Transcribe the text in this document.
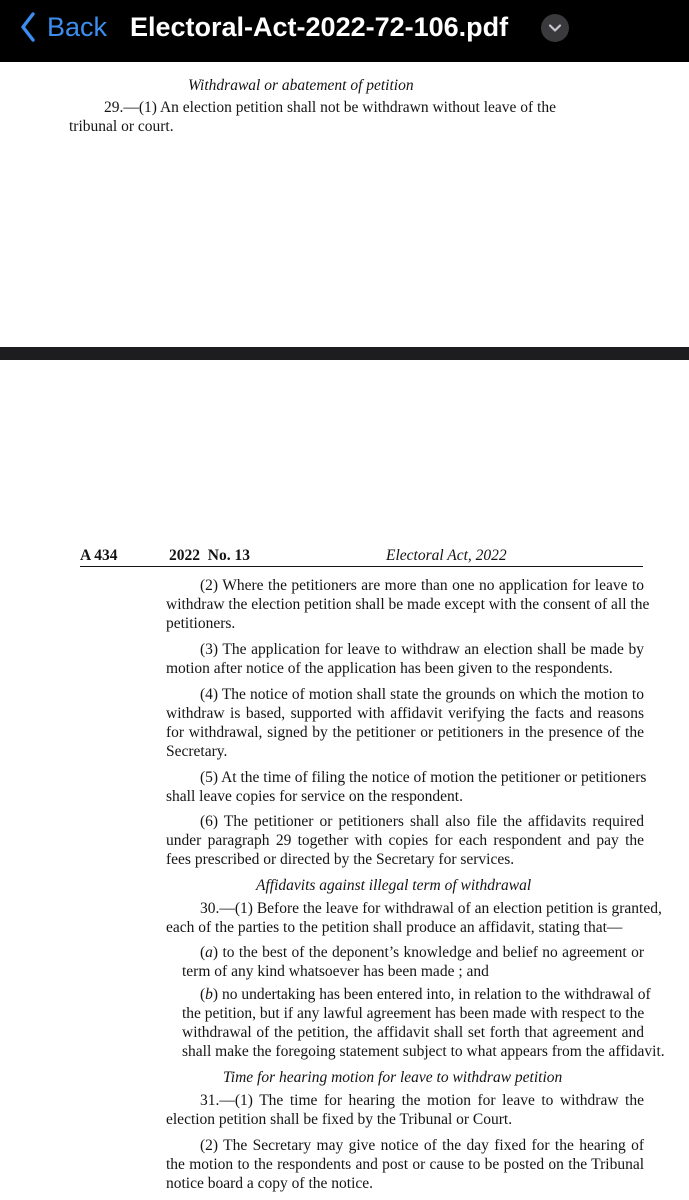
Back Electoral-Act-2022-72-106.pdf
Withdrawal or abatement of petition
29.—(1) An election petition shall not be withdrawn without leave of the
tribunal or court.
A 434	2022  No. 13	Electoral Act, 2022
(2) Where the petitioners are more than one no application for leave to
withdraw the election petition shall be made except with the consent of all the
petitioners.
(3) The application for leave to withdraw an election shall be made by
motion after notice of the application has been given to the respondents.
(4) The notice of motion shall state the grounds on which the motion to
withdraw is based, supported with affidavit verifying the facts and reasons
for withdrawal, signed by the petitioner or petitioners in the presence of the
Secretary.
(5) At the time of filing the notice of motion the petitioner or petitioners
shall leave copies for service on the respondent.
(6) The petitioner or petitioners shall also file the affidavits required
under paragraph 29 together with copies for each respondent and pay the
fees prescribed or directed by the Secretary for services.
Affidavits against illegal term of withdrawal
30.—(1) Before the leave for withdrawal of an election petition is granted,
each of the parties to the petition shall produce an affidavit, stating that—
(a) to the best of the deponent’s knowledge and belief no agreement or
term of any kind whatsoever has been made ; and
(b) no undertaking has been entered into, in relation to the withdrawal of
the petition, but if any lawful agreement has been made with respect to the
withdrawal of the petition, the affidavit shall set forth that agreement and
shall make the foregoing statement subject to what appears from the affidavit.
Time for hearing motion for leave to withdraw petition
31.—(1) The time for hearing the motion for leave to withdraw the
election petition shall be fixed by the Tribunal or Court.
(2) The Secretary may give notice of the day fixed for the hearing of
the motion to the respondents and post or cause to be posted on the Tribunal
notice board a copy of the notice.
